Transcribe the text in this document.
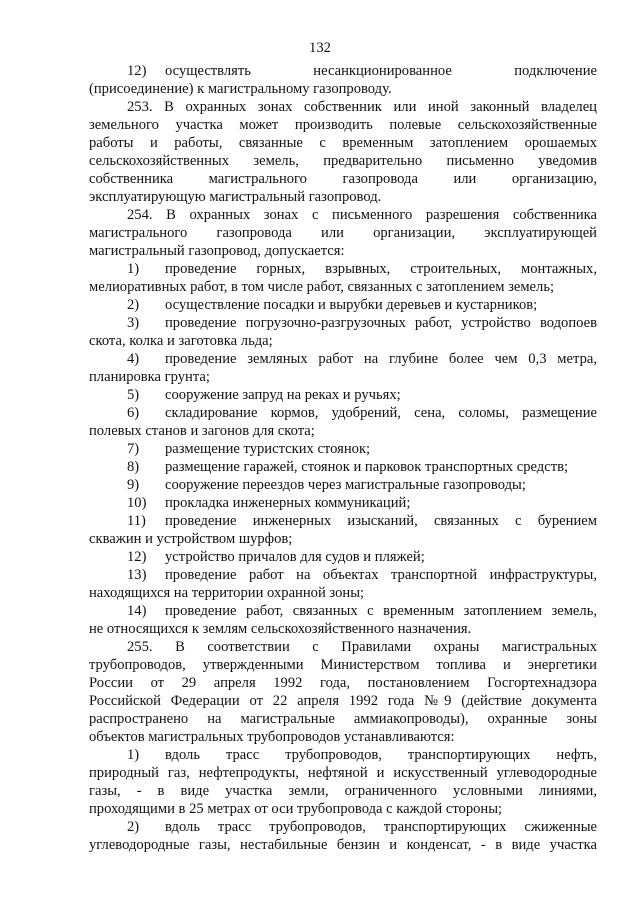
132
12) осуществлять несанкционированное подключение
(присоединение) к магистральному газопроводу.
253. В охранных зонах собственник или иной законный владелец
земельного участка может производить полевые сельскохозяйственные
работы и работы, связанные с временным затоплением орошаемых
сельскохозяйственных земель, предварительно письменно уведомив
собственника магистрального газопровода или организацию,
эксплуатирующую магистральный газопровод.
254. В охранных зонах с письменного разрешения собственника
магистрального газопровода или организации, эксплуатирующей
магистральный газопровод, допускается:
1) проведение горных, взрывных, строительных, монтажных,
мелиоративных работ, в том числе работ, связанных с затоплением земель;
2) осуществление посадки и вырубки деревьев и кустарников;
3) проведение погрузочно-разгрузочных работ, устройство водопоев
скота, колка и заготовка льда;
4) проведение земляных работ на глубине более чем 0,3 метра,
планировка грунта;
5) сооружение запруд на реках и ручьях;
6) складирование кормов, удобрений, сена, соломы, размещение
полевых станов и загонов для скота;
7) размещение туристских стоянок;
8) размещение гаражей, стоянок и парковок транспортных средств;
9) сооружение переездов через магистральные газопроводы;
10) прокладка инженерных коммуникаций;
11) проведение инженерных изысканий, связанных с бурением
скважин и устройством шурфов;
12) устройство причалов для судов и пляжей;
13) проведение работ на объектах транспортной инфраструктуры,
находящихся на территории охранной зоны;
14) проведение работ, связанных с временным затоплением земель,
не относящихся к землям сельскохозяйственного назначения.
255. В соответствии с Правилами охраны магистральных
трубопроводов, утвержденными Министерством топлива и энергетики
России от 29 апреля 1992 года, постановлением Госгортехнадзора
Российской Федерации от 22 апреля 1992 года №9 (действие документа
распространено на магистральные аммиакопроводы), охранные зоны
объектов магистральных трубопроводов устанавливаются:
1) вдоль трасс трубопроводов, транспортирующих нефть,
природный газ, нефтепродукты, нефтяной и искусственный углеводородные
газы, - в виде участка земли, ограниченного условными линиями,
проходящими в 25 метрах от оси трубопровода с каждой стороны;
2) вдоль трасс трубопроводов, транспортирующих сжиженные
углеводородные газы, нестабильные бензин и конденсат, - в виде участка
